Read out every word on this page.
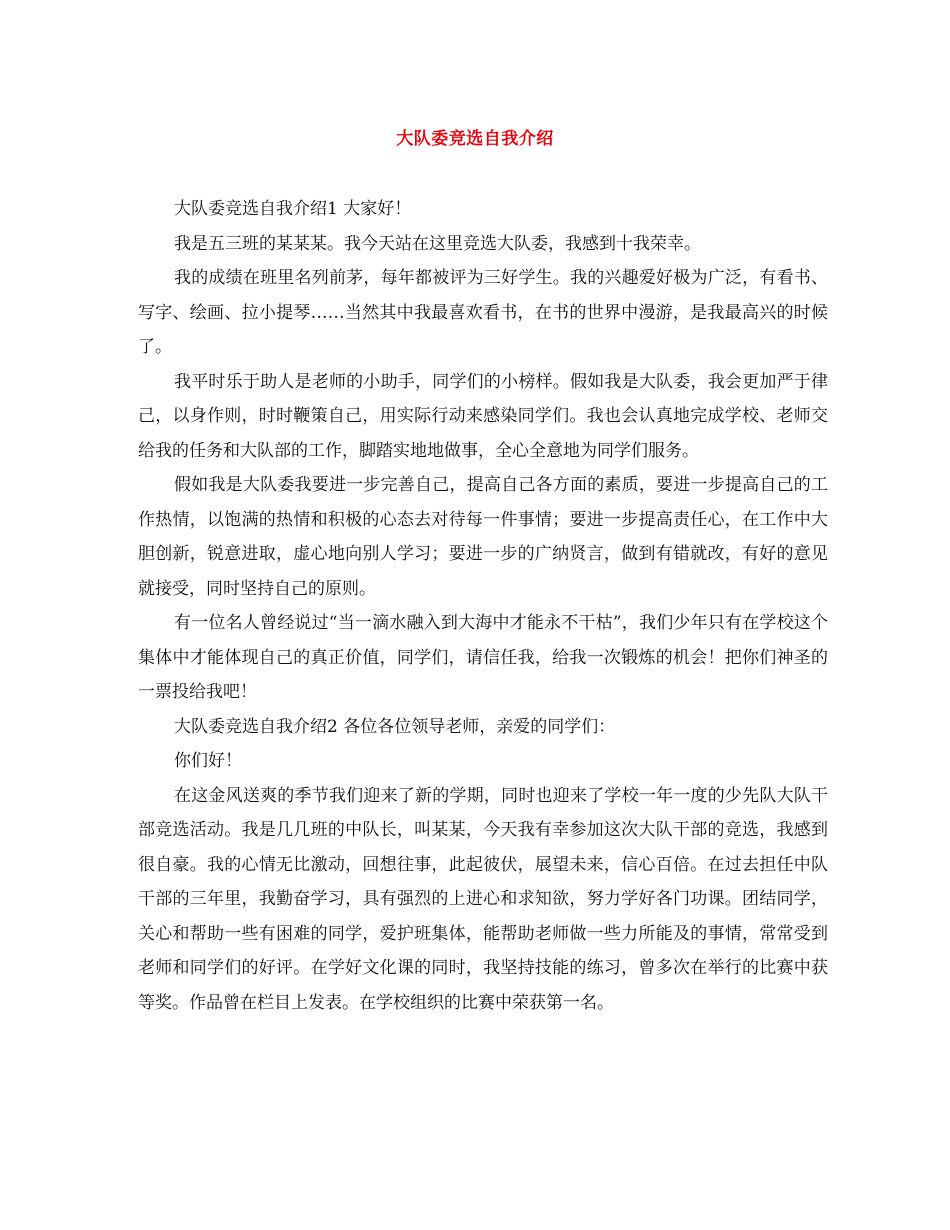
大队委竞选自我介绍

大队委竞选自我介绍1 大家好！

我是五三班的某某某。我今天站在这里竞选大队委，我感到十我荣幸。

我的成绩在班里名列前茅，每年都被评为三好学生。我的兴趣爱好极为广泛，有看书、写字、绘画、拉小提琴……当然其中我最喜欢看书，在书的世界中漫游，是我最高兴的时候了。

我平时乐于助人是老师的小助手，同学们的小榜样。假如我是大队委，我会更加严于律己，以身作则，时时鞭策自己，用实际行动来感染同学们。我也会认真地完成学校、老师交给我的任务和大队部的工作，脚踏实地地做事，全心全意地为同学们服务。

假如我是大队委我要进一步完善自己，提高自己各方面的素质，要进一步提高自己的工作热情，以饱满的热情和积极的心态去对待每一件事情；要进一步提高责任心，在工作中大胆创新，锐意进取，虚心地向别人学习；要进一步的广纳贤言，做到有错就改，有好的意见就接受，同时坚持自己的原则。

有一位名人曾经说过“当一滴水融入到大海中才能永不干枯”，我们少年只有在学校这个集体中才能体现自己的真正价值，同学们，请信任我，给我一次锻炼的机会！把你们神圣的一票投给我吧！

大队委竞选自我介绍2 各位各位领导老师，亲爱的同学们：

你们好！

在这金风送爽的季节我们迎来了新的学期，同时也迎来了学校一年一度的少先队大队干部竞选活动。我是几几班的中队长，叫某某，今天我有幸参加这次大队干部的竞选，我感到很自豪。我的心情无比激动，回想往事，此起彼伏，展望未来，信心百倍。在过去担任中队干部的三年里，我勤奋学习，具有强烈的上进心和求知欲，努力学好各门功课。团结同学，关心和帮助一些有困难的同学，爱护班集体，能帮助老师做一些力所能及的事情，常常受到老师和同学们的好评。在学好文化课的同时，我坚持技能的练习，曾多次在举行的比赛中获等奖。作品曾在栏目上发表。在学校组织的比赛中荣获第一名。
